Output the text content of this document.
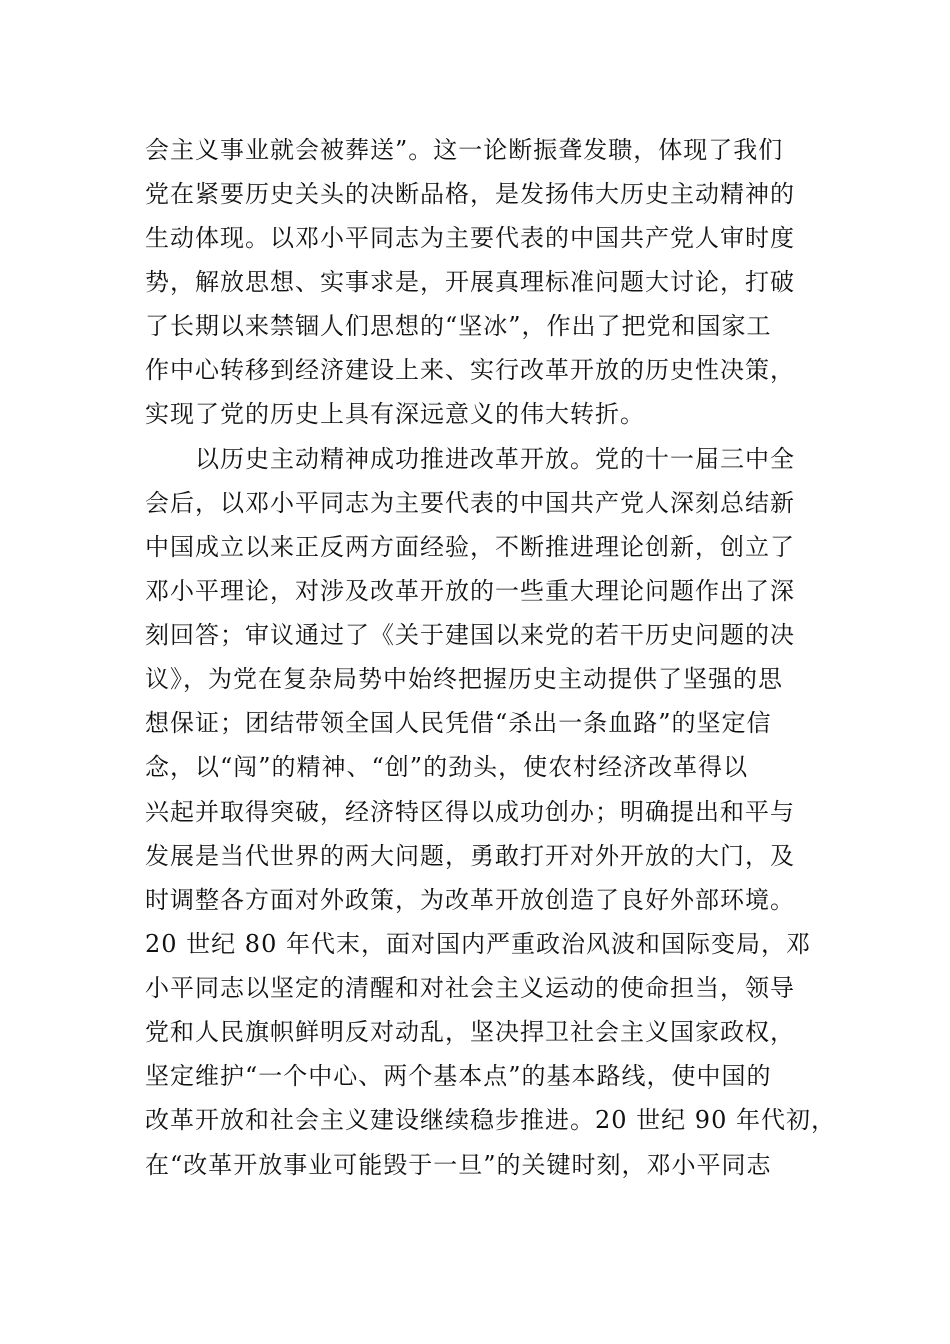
会主义事业就会被葬送”。这一论断振聋发聩，体现了我们
党在紧要历史关头的决断品格，是发扬伟大历史主动精神的
生动体现。以邓小平同志为主要代表的中国共产党人审时度
势，解放思想、实事求是，开展真理标准问题大讨论，打破
了长期以来禁锢人们思想的“坚冰”，作出了把党和国家工
作中心转移到经济建设上来、实行改革开放的历史性决策，
实现了党的历史上具有深远意义的伟大转折。
以历史主动精神成功推进改革开放。党的十一届三中全
会后，以邓小平同志为主要代表的中国共产党人深刻总结新
中国成立以来正反两方面经验，不断推进理论创新，创立了
邓小平理论，对涉及改革开放的一些重大理论问题作出了深
刻回答；审议通过了《关于建国以来党的若干历史问题的决
议》，为党在复杂局势中始终把握历史主动提供了坚强的思
想保证；团结带领全国人民凭借“杀出一条血路”的坚定信
念，以“闯”的精神、“创”的劲头，使农村经济改革得以
兴起并取得突破，经济特区得以成功创办；明确提出和平与
发展是当代世界的两大问题，勇敢打开对外开放的大门，及
时调整各方面对外政策，为改革开放创造了良好外部环境。
20 世纪 80 年代末，面对国内严重政治风波和国际变局，邓
小平同志以坚定的清醒和对社会主义运动的使命担当，领导
党和人民旗帜鲜明反对动乱，坚决捍卫社会主义国家政权，
坚定维护“一个中心、两个基本点”的基本路线，使中国的
改革开放和社会主义建设继续稳步推进。20 世纪 90 年代初，
在“改革开放事业可能毁于一旦”的关键时刻，邓小平同志
